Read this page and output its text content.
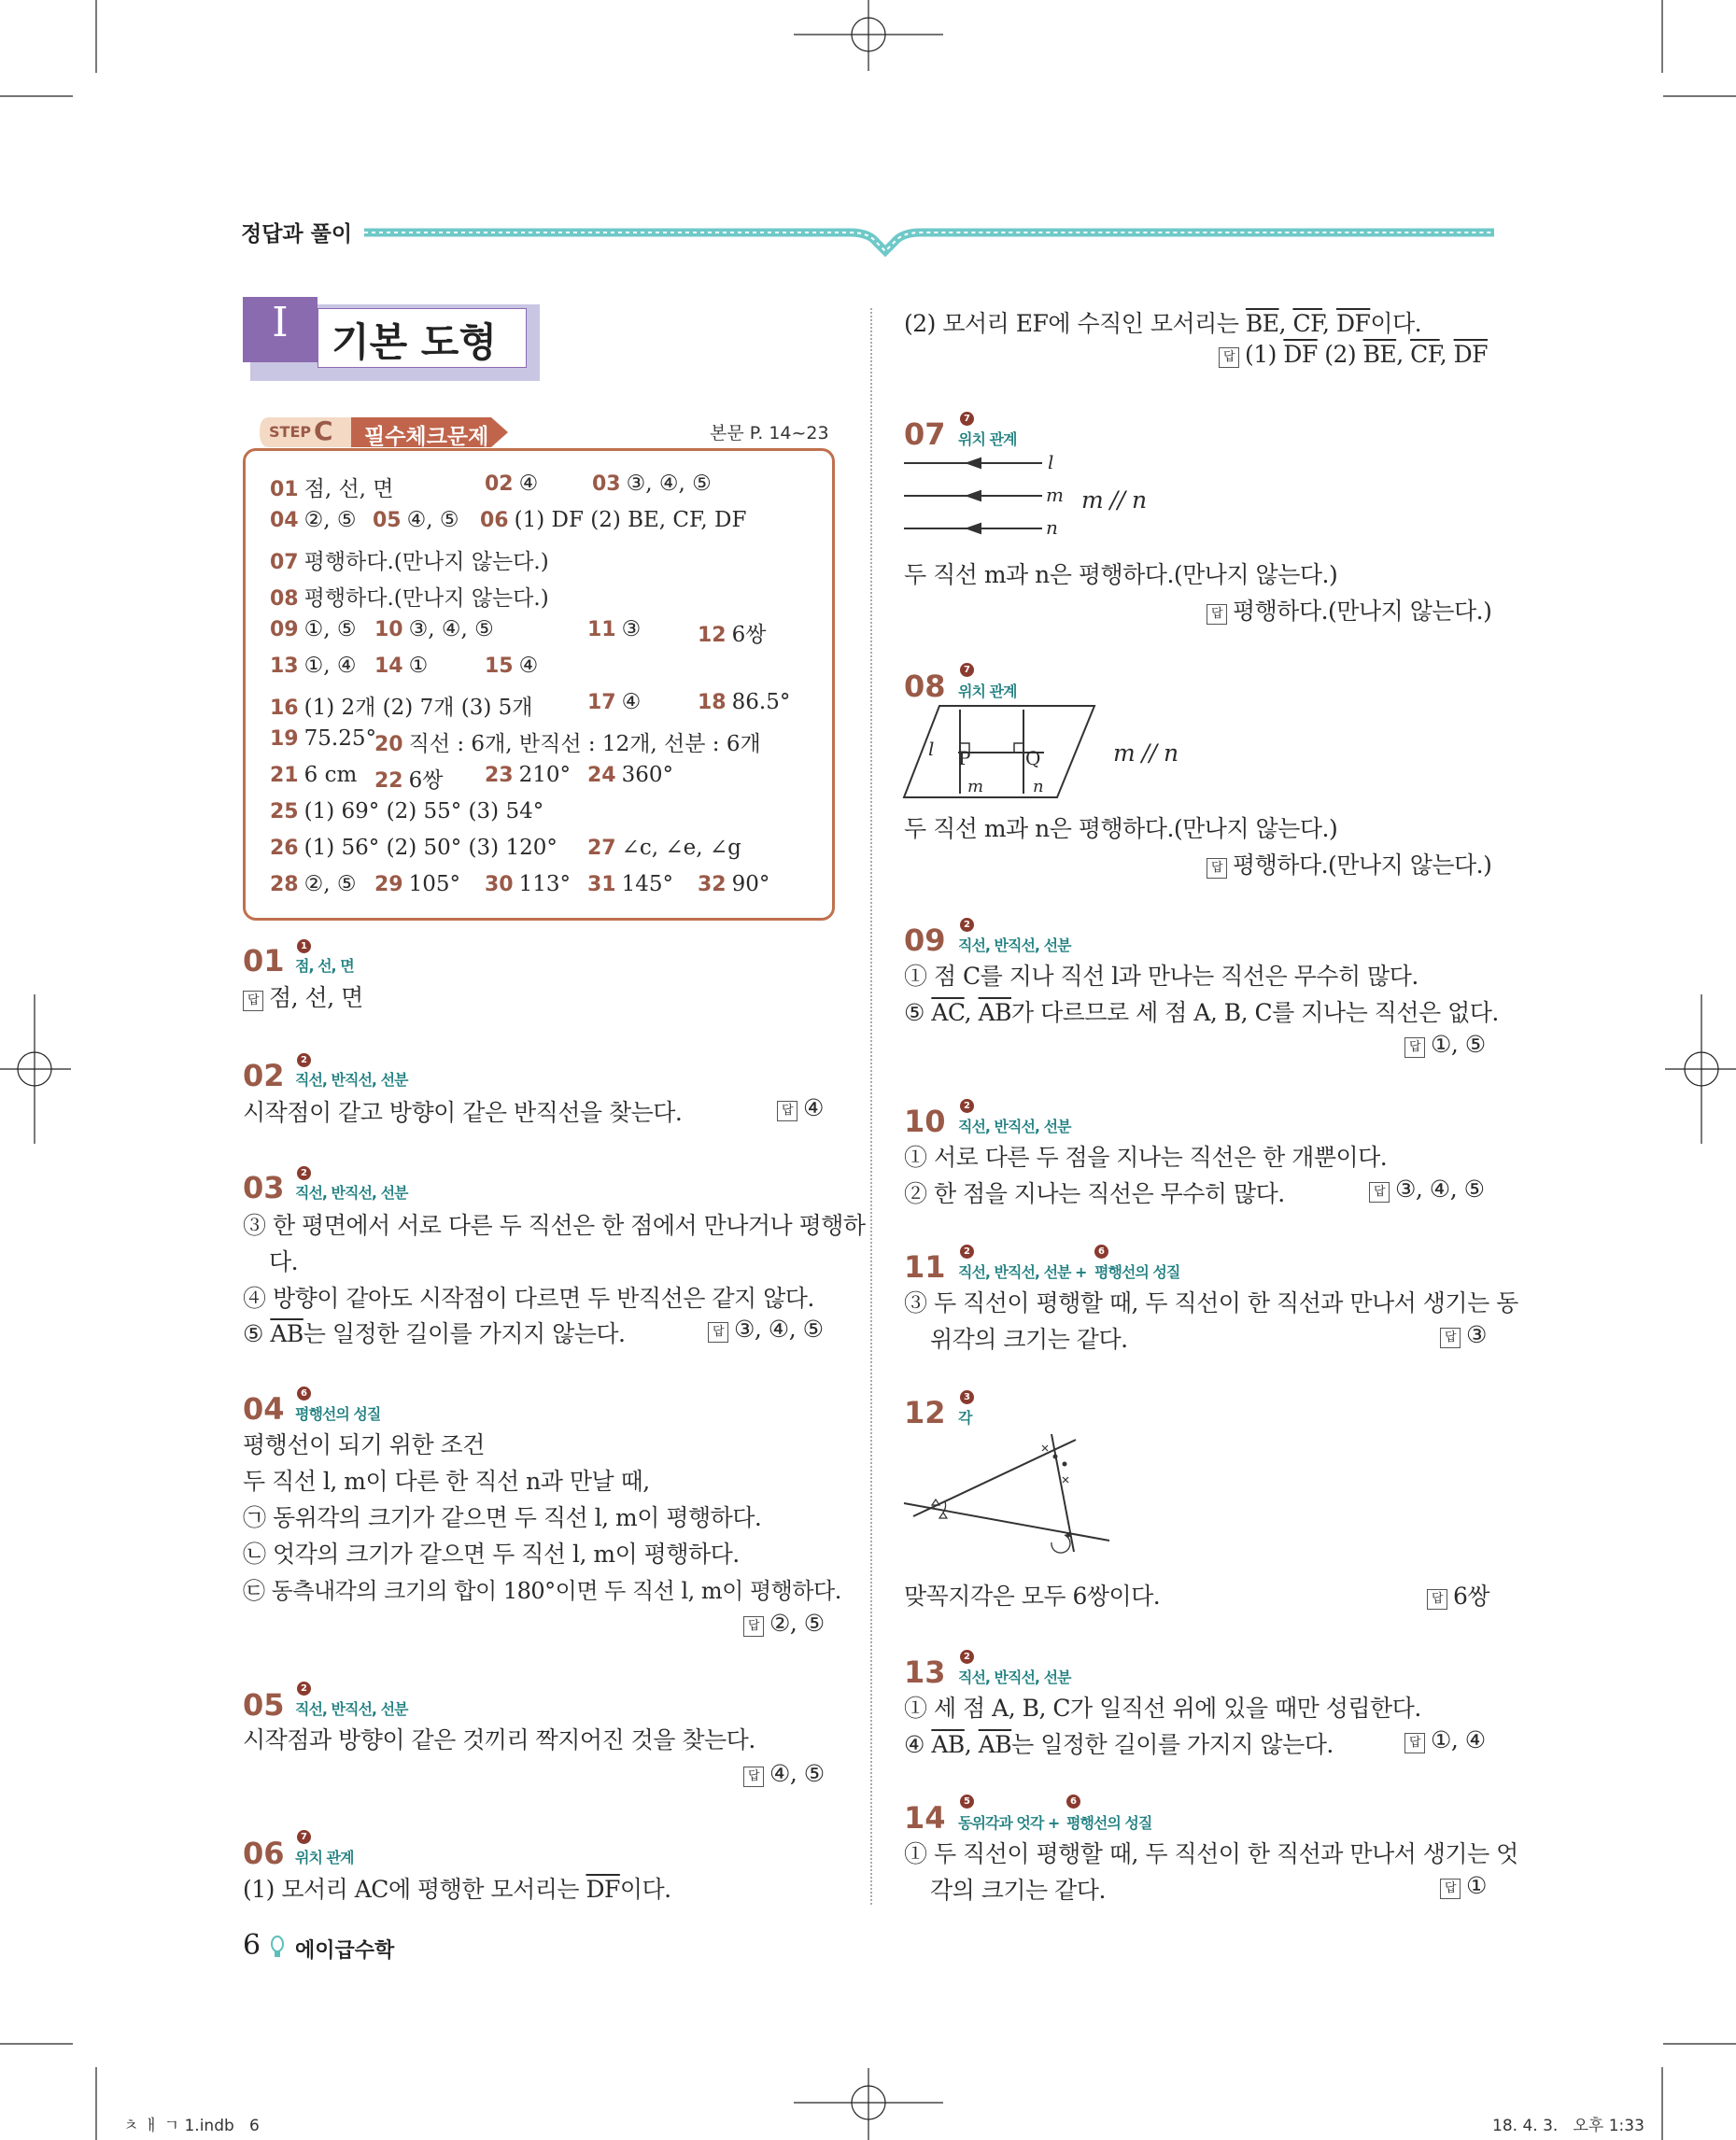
정답과 풀이
I	기본 도형
STEP C 필수체크문제	본문 P. 14~23
01 점, 선, 면	02 ④	03 ③, ④, ⑤
04 ②, ⑤ 05 ④, ⑤ 06 (1) DF (2) BE, CF, DF
07 평행하다.(만나지 않는다.)
08 평행하다.(만나지 않는다.)
09 ①, ⑤ 10 ③, ④, ⑤	11 ③	12 6쌍
13 ①, ④ 14 ①	15 ④
16 (1) 2개 (2) 7개 (3) 5개	17 ④	18 86.5°
19 75.25°
20 직선 : 6개, 반직선 : 12개, 선분 : 6개
21 6 cm 22 6쌍 23 210° 24 360°
25 (1) 69° (2) 55° (3) 54°
26 (1) 56° (2) 50° (3) 120° 27 ∠c, ∠e, ∠g
28 ②, ⑤ 29 105° 30 113° 31 145° 32 90°
01	1
점, 선, 면
답 점, 선, 면
02	2
직선, 반직선, 선분
시작점이 같고 방향이 같은 반직선을 찾는다.	답 ④
03	2
직선, 반직선, 선분
③ 한 평면에서 서로 다른 두 직선은 한 점에서 만나거나 평행하
다.
④ 방향이 같아도 시작점이 다르면 두 반직선은 같지 않다.
⑤ $\overline{AB}$는 일정한 길이를 가지지 않는다.	답 ③, ④, ⑤
04	6
평행선의 성질
평행선이 되기 위한 조건
두 직선 l, m이 다른 한 직선 n과 만날 때,
㉠ 동위각의 크기가 같으면 두 직선 l, m이 평행하다.
㉡ 엇각의 크기가 같으면 두 직선 l, m이 평행하다.
㉢ 동측내각의 크기의 합이 180°이면 두 직선 l, m이 평행하다.
답 ②, ⑤
05	2
직선, 반직선, 선분
시작점과 방향이 같은 것끼리 짝지어진 것을 찾는다.
답 ④, ⑤
06	7
위치 관계
(1) 모서리 AC에 평행한 모서리는 $\overline{DF}$이다.
(2) 모서리 EF에 수직인 모서리는 $\overline{BE}$, $\overline{CF}$, $\overline{DF}$이다.
답 (1) $\overline{DF}$ (2) $\overline{BE}$, $\overline{CF}$, $\overline{DF}$
07	7
위치 관계
l
m
n
m // n
두 직선 m과 n은 평행하다.(만나지 않는다.)
답 평행하다.(만나지 않는다.)
08	7
위치 관계
l P	Q
m	n
m // n
두 직선 m과 n은 평행하다.(만나지 않는다.)
답 평행하다.(만나지 않는다.)
09	2
직선, 반직선, 선분
① 점 C를 지나 직선 l과 만나는 직선은 무수히 많다.
⑤ $\overline{AC}$, $\overline{AB}$가 다르므로 세 점 A, B, C를 지나는 직선은 없다.
답 ①, ⑤
10	2
직선, 반직선, 선분
① 서로 다른 두 점을 지나는 직선은 한 개뿐이다.
② 한 점을 지나는 직선은 무수히 많다.	답 ③, ④, ⑤
11	2
직선, 반직선, 선분 +
6
평행선의 성질
③ 두 직선이 평행할 때, 두 직선이 한 직선과 만나서 생기는 동
위각의 크기는 같다.	답 ③
12	3
각
맞꼭지각은 모두 6쌍이다.	답 6쌍
13	2
직선, 반직선, 선분
① 세 점 A, B, C가 일직선 위에 있을 때만 성립한다.
④ $\overline{AB}$, $\overline{AB}$는 일정한 길이를 가지지 않는다.	답 ①, ④
14	5
동위각과 엇각 +
6
평행선의 성질
① 두 직선이 평행할 때, 두 직선이 한 직선과 만나서 생기는 엇
각의 크기는 같다.	답 ①
6 에이급수학
ㅊ ㅐ ㄱ 1.indb   6	18. 4. 3.   오후 1:33
